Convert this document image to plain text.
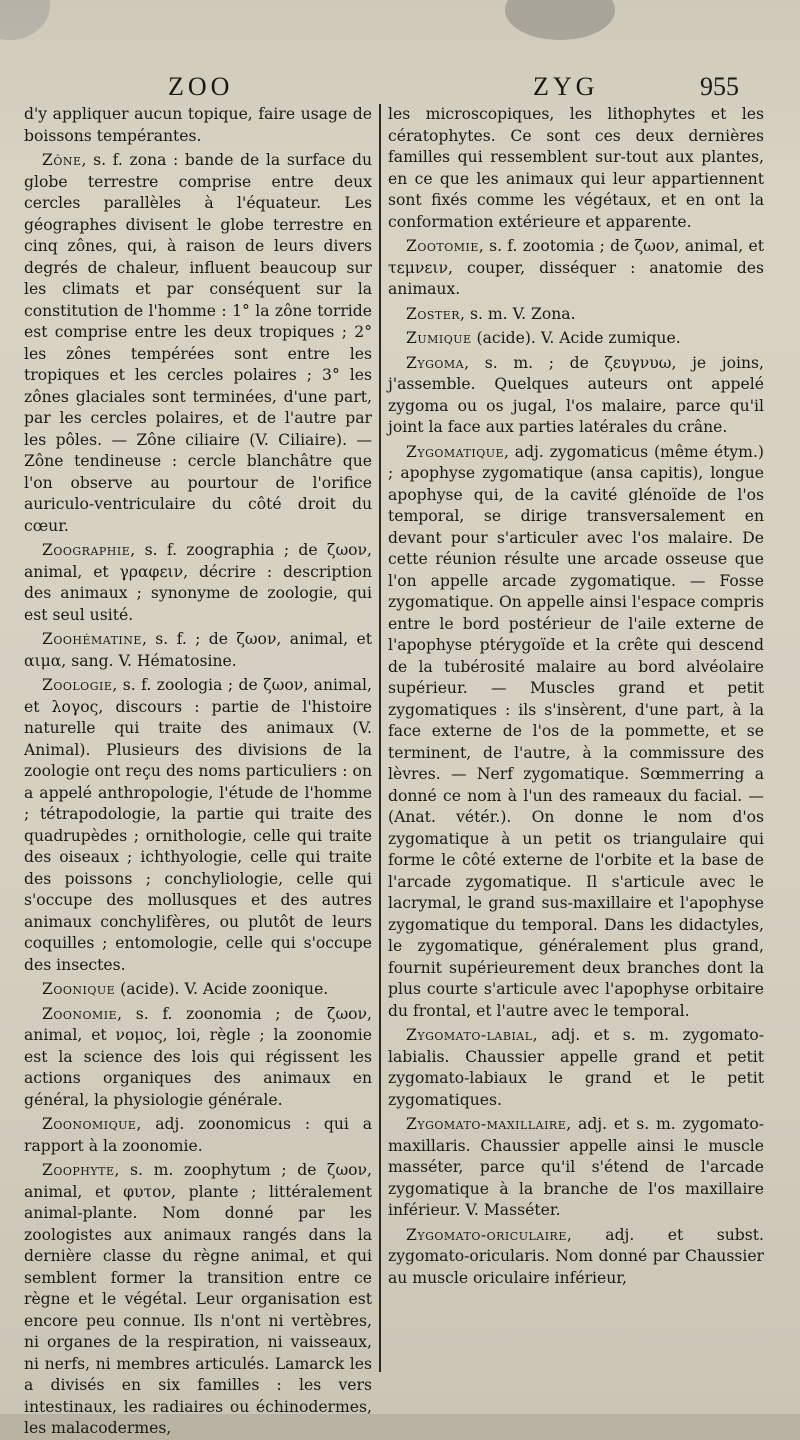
ZOO	ZYG	955

d'y appliquer aucun topique, faire usage de boissons tempérantes.

Zône, s. f. zona : bande de la surface du globe terrestre comprise entre deux cercles parallèles à l'équateur. Les géographes divisent le globe terrestre en cinq zônes, qui, à raison de leurs divers degrés de chaleur, influent beaucoup sur les climats et par conséquent sur la constitution de l'homme : 1° la zône torride est comprise entre les deux tropiques ; 2° les zônes tempérées sont entre les tropiques et les cercles polaires ; 3° les zônes glaciales sont terminées, d'une part, par les cercles polaires, et de l'autre par les pôles. — Zône ciliaire (V. Ciliaire). — Zône tendineuse : cercle blanchâtre que l'on observe au pourtour de l'orifice auriculo-ventriculaire du côté droit du cœur.

Zoographie, s. f. zoographia ; de ζωον, animal, et γραφειν, décrire : description des animaux ; synonyme de zoologie, qui est seul usité.

Zoohématine, s. f. ; de ζωον, animal, et αιμα, sang. V. Hématosine.

Zoologie, s. f. zoologia ; de ζωον, animal, et λογος, discours : partie de l'histoire naturelle qui traite des animaux (V. Animal). Plusieurs des divisions de la zoologie ont reçu des noms particuliers : on a appelé anthropologie, l'étude de l'homme ; tétrapodologie, la partie qui traite des quadrupèdes ; ornithologie, celle qui traite des oiseaux ; ichthyologie, celle qui traite des poissons ; conchyliologie, celle qui s'occupe des mollusques et des autres animaux conchylifères, ou plutôt de leurs coquilles ; entomologie, celle qui s'occupe des insectes.

Zoonique (acide). V. Acide zoonique.

Zoonomie, s. f. zoonomia ; de ζωον, animal, et νομος, loi, règle ; la zoonomie est la science des lois qui régissent les actions organiques des animaux en général, la physiologie générale.

Zoonomique, adj. zoonomicus : qui a rapport à la zoonomie.

Zoophyte, s. m. zoophytum ; de ζωον, animal, et φυτον, plante ; littéralement animal-plante. Nom donné par les zoologistes aux animaux rangés dans la dernière classe du règne animal, et qui semblent former la transition entre ce règne et le végétal. Leur organisation est encore peu connue. Ils n'ont ni vertèbres, ni organes de la respiration, ni vaisseaux, ni nerfs, ni membres articulés. Lamarck les a divisés en six familles : les vers intestinaux, les radiaires ou échinodermes, les malacodermes,

les microscopiques, les lithophytes et les cératophytes. Ce sont ces deux dernières familles qui ressemblent sur-tout aux plantes, en ce que les animaux qui leur appartiennent sont fixés comme les végétaux, et en ont la conformation extérieure et apparente.

Zootomie, s. f. zootomia ; de ζωον, animal, et τεμνειν, couper, disséquer : anatomie des animaux.

Zoster, s. m. V. Zona.

Zumique (acide). V. Acide zumique.

Zygoma, s. m. ; de ζευγνυω, je joins, j'assemble. Quelques auteurs ont appelé zygoma ou os jugal, l'os malaire, parce qu'il joint la face aux parties latérales du crâne.

Zygomatique, adj. zygomaticus (même étym.) ; apophyse zygomatique (ansa capitis), longue apophyse qui, de la cavité glénoïde de l'os temporal, se dirige transversalement en devant pour s'articuler avec l'os malaire. De cette réunion résulte une arcade osseuse que l'on appelle arcade zygomatique. — Fosse zygomatique. On appelle ainsi l'espace compris entre le bord postérieur de l'aile externe de l'apophyse ptérygoïde et la crête qui descend de la tubérosité malaire au bord alvéolaire supérieur. — Muscles grand et petit zygomatiques : ils s'insèrent, d'une part, à la face externe de l'os de la pommette, et se terminent, de l'autre, à la commissure des lèvres. — Nerf zygomatique. Sœmmerring a donné ce nom à l'un des rameaux du facial. — (Anat. vétér.). On donne le nom d'os zygomatique à un petit os triangulaire qui forme le côté externe de l'orbite et la base de l'arcade zygomatique. Il s'articule avec le lacrymal, le grand sus-maxillaire et l'apophyse zygomatique du temporal. Dans les didactyles, le zygomatique, généralement plus grand, fournit supérieurement deux branches dont la plus courte s'articule avec l'apophyse orbitaire du frontal, et l'autre avec le temporal.

Zygomato-labial, adj. et s. m. zygomato-labialis. Chaussier appelle grand et petit zygomato-labiaux le grand et le petit zygomatiques.

Zygomato-maxillaire, adj. et s. m. zygomato-maxillaris. Chaussier appelle ainsi le muscle masséter, parce qu'il s'étend de l'arcade zygomatique à la branche de l'os maxillaire inférieur. V. Masséter.

Zygomato-oriculaire, adj. et subst. zygomato-oricularis. Nom donné par Chaussier au muscle oriculaire inférieur,
